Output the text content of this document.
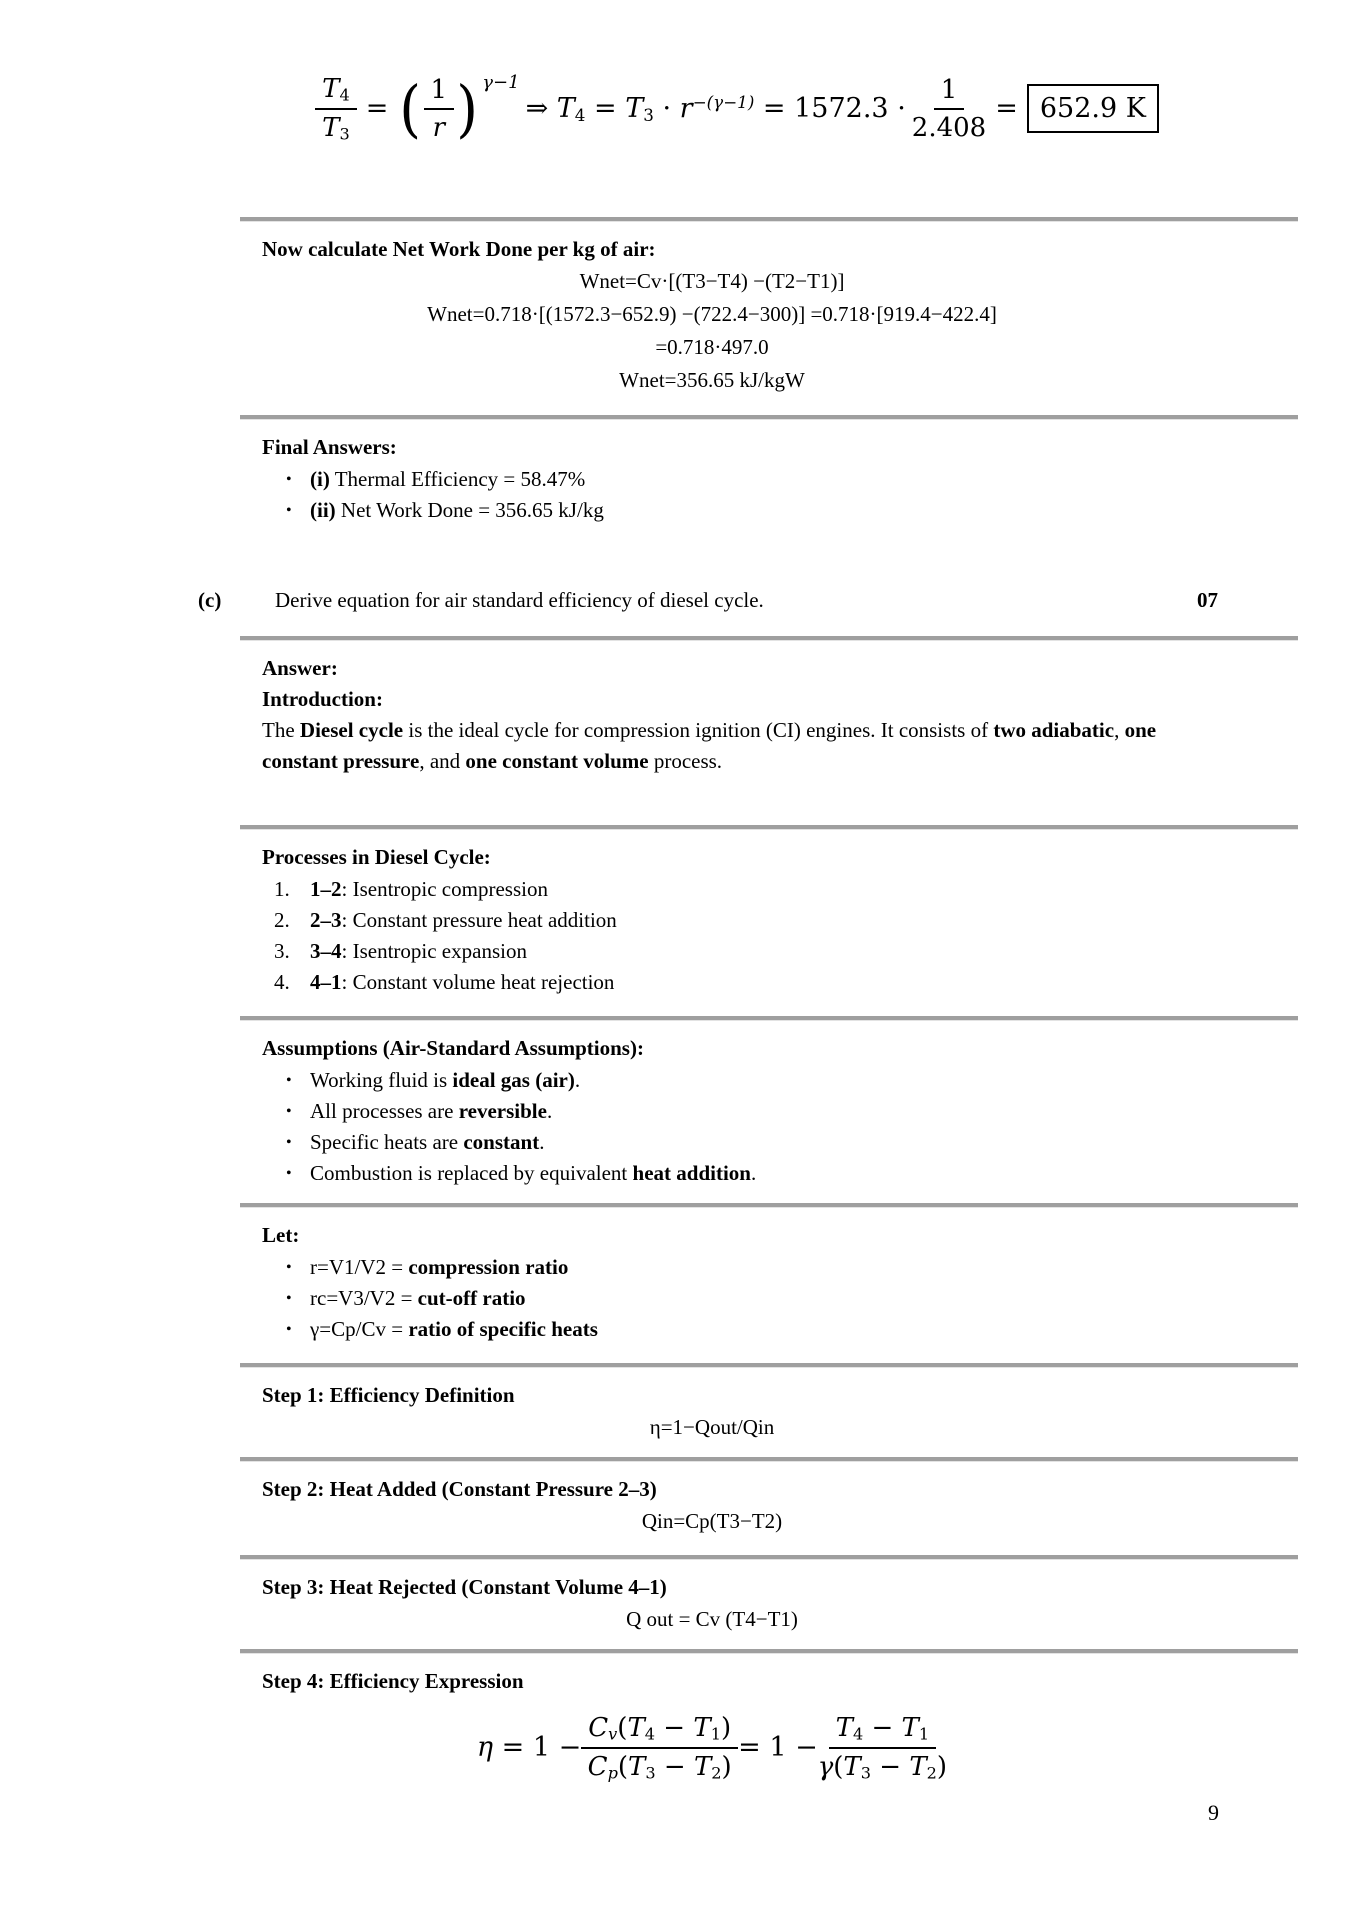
$\frac{T4}{T3}$ = ( $\frac{1}{r}$ ) γ−1
⇒ $T4 = T3 \cdot r^{-(\gamma-1)} = 1572.3 \cdot \frac{1}{2.408} = 652.9$ K
Now calculate Net Work Done per kg of air:
Wnet=Cv·[(T3−T4) −(T2−T1)]
Wnet=0.718·[(1572.3−652.9) −(722.4−300)] =0.718·[919.4−422.4]
=0.718·497.0
Wnet=356.65 kJ/kgW
Final Answers:
• (i) Thermal Efficiency = 58.47%
• (ii) Net Work Done = 356.65 kJ/kg
(c)	Derive equation for air standard efficiency of diesel cycle.	07
Answer:
Introduction:
The Diesel cycle is the ideal cycle for compression ignition (CI) engines. It consists of two adiabatic, one constant pressure, and one constant volume process.
Processes in Diesel Cycle:
1. 1–2: Isentropic compression
2. 2–3: Constant pressure heat addition
3. 3–4: Isentropic expansion
4. 4–1: Constant volume heat rejection
Assumptions (Air-Standard Assumptions):
• Working fluid is ideal gas (air).
• All processes are reversible.
• Specific heats are constant.
• Combustion is replaced by equivalent heat addition.
Let:
• r=V1/V2 = compression ratio
• rc=V3/V2 = cut-off ratio
• γ=Cp/Cv = ratio of specific heats
Step 1: Efficiency Definition
η=1−Qout/Qin
Step 2: Heat Added (Constant Pressure 2–3)
Qin=Cp(T3−T2)
Step 3: Heat Rejected (Constant Volume 4–1)
Q out = Cv (T4−T1)
Step 4: Efficiency Expression
$\eta = 1 - \frac{Cv(T4 - T1)}{Cp(T3 - T2)} = 1 - \frac{T4 - T1}{\gamma(T3 - T2)}$
9
